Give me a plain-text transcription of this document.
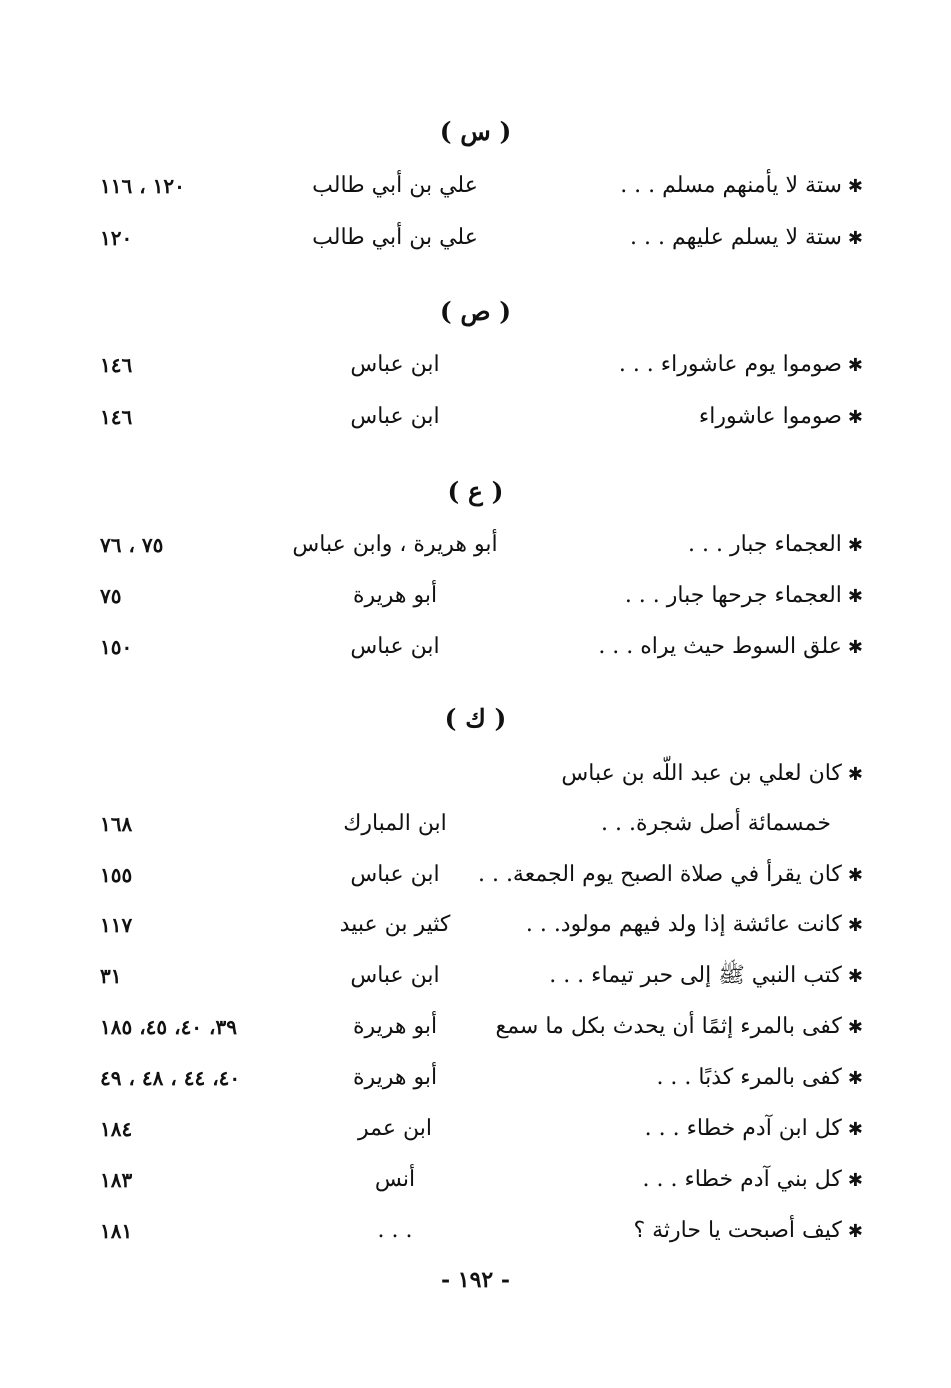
( س )
✱ستة لا يأمنهم مسلم . . .
علي بن أبي طالب
١٢٠ ، ١١٦
✱ستة لا يسلم عليهم . . .
علي بن أبي طالب
١٢٠
( ص )
✱صوموا يوم عاشوراء . . .
ابن عباس
١٤٦
✱صوموا عاشوراء
ابن عباس
١٤٦
( ع )
✱العجماء جبار . . .
أبو هريرة ، وابن عباس
٧٥ ، ٧٦
✱العجماء جرحها جبار . . .
أبو هريرة
٧٥
✱علق السوط حيث يراه . . .
ابن عباس
١٥٠
( ك )
✱كان لعلي بن عبد اللّه بن عباس
خمسمائة أصل شجرة. . .
ابن المبارك
١٦٨
✱كان يقرأ في صلاة الصبح يوم الجمعة. . .
ابن عباس
١٥٥
✱كانت عائشة إذا ولد فيهم مولود. . .
كثير بن عبيد
١١٧
✱كتب النبي ﷺ إلى حبر تيماء . . .
ابن عباس
٣١
✱كفى بالمرء إثمًا أن يحدث بكل ما سمع
أبو هريرة
٣٩، ٤٠، ٤٥، ١٨٥
✱كفى بالمرء كذبًا . . .
أبو هريرة
٤٠، ٤٤ ، ٤٨ ، ٤٩
✱كل ابن آدم خطاء . . .
ابن عمر
١٨٤
✱كل بني آدم خطاء . . .
أنس
١٨٣
✱كيف أصبحت يا حارثة ؟
. . .
١٨١
- ١٩٢ -
